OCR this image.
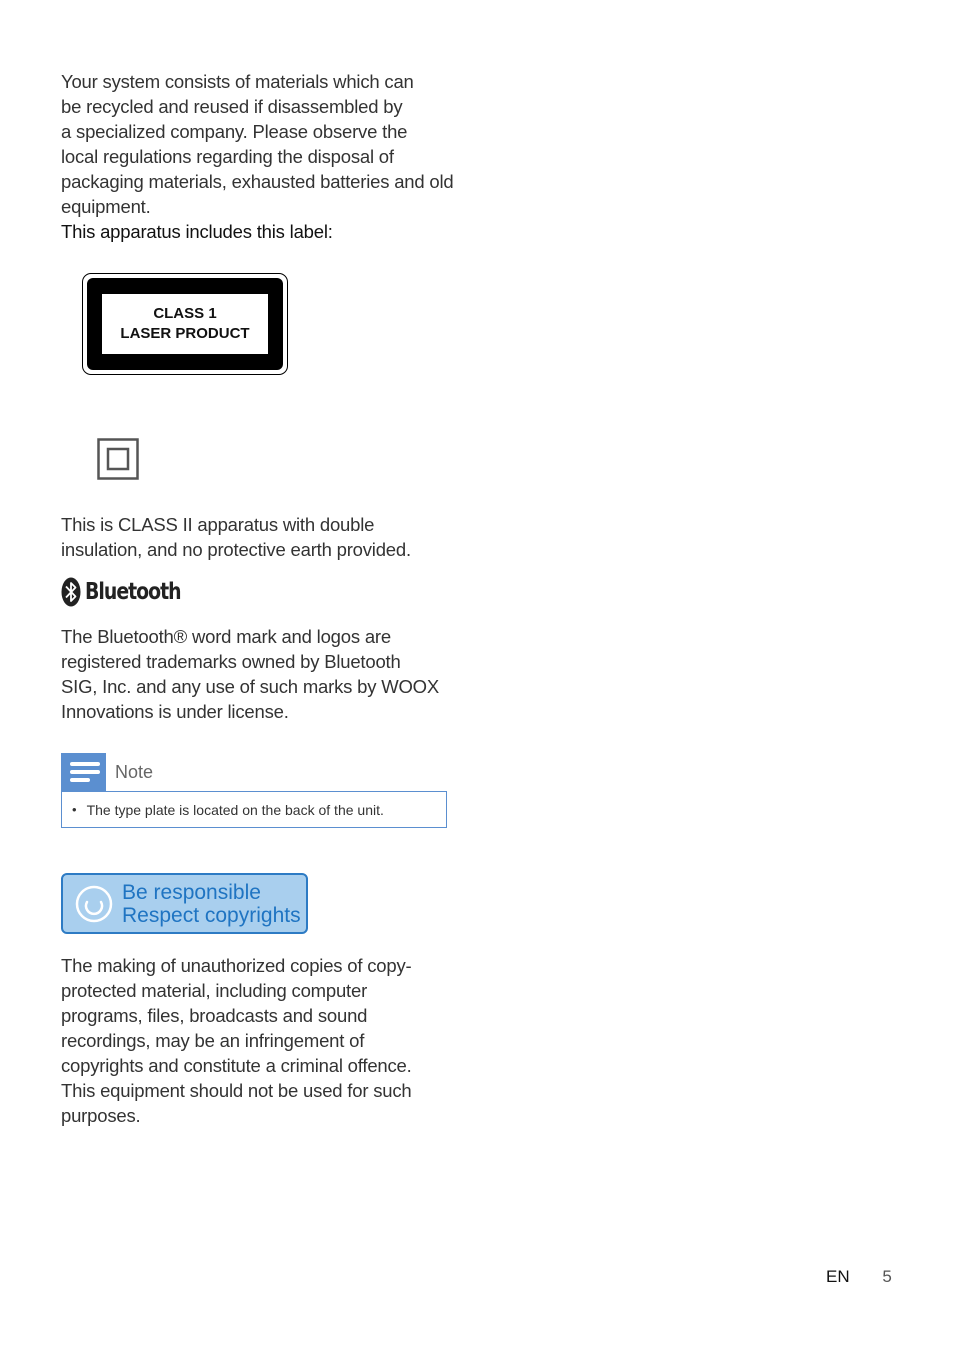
Your system consists of materials which can
be recycled and reused if disassembled by
a specialized company. Please observe the
local regulations regarding the disposal of
packaging materials, exhausted batteries and old
equipment.
This apparatus includes this label:
CLASS 1
LASER PRODUCT
This is CLASS II apparatus with double
insulation, and no protective earth provided.
Bluetooth
The Bluetooth® word mark and logos are
registered trademarks owned by Bluetooth
SIG, Inc. and any use of such marks by WOOX
Innovations is under license.
Note
• The type plate is located on the back of the unit.
Be responsible
Respect copyrights
The making of unauthorized copies of copy-
protected material, including computer
programs, files, broadcasts and sound
recordings, may be an infringement of
copyrights and constitute a criminal offence.
This equipment should not be used for such
purposes.
EN 5
